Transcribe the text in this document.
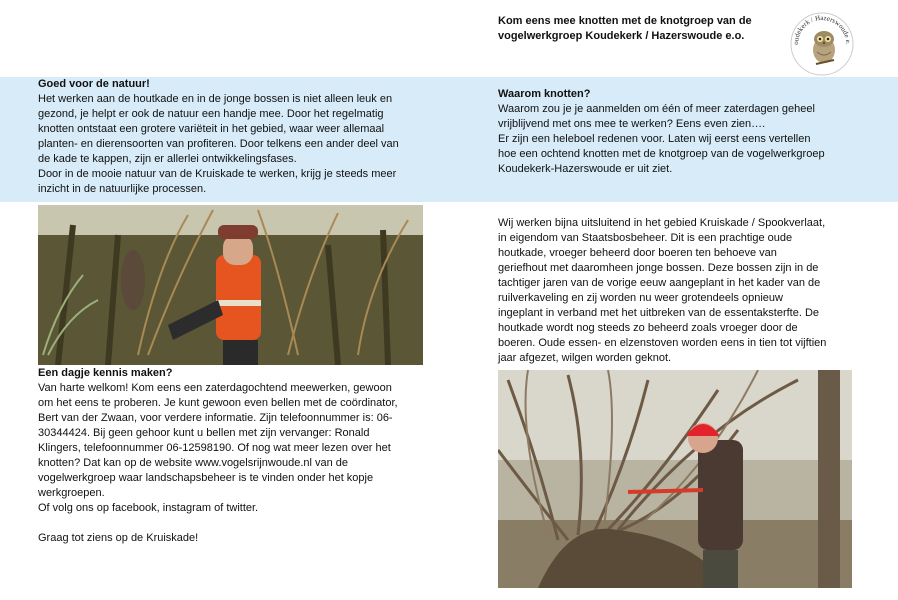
Kom eens mee knotten met de knotgroep van de
vogelwerkgroep Koudekerk / Hazerswoude e.o.
oudekerk / Hazerswoude e.

Goed voor de natuur!

Het werken aan de houtkade en in de jonge bossen is niet alleen leuk en

gezond, je helpt er ook de natuur een handje mee. Door het regelmatig

knotten ontstaat een grotere variëteit in het gebied, waar weer allemaal

planten- en dierensoorten van profiteren. Door telkens een ander deel van

de kade te kappen, zijn er allerlei ontwikkelingsfases.

Door in de mooie natuur van de Kruiskade te werken, krijg je steeds meer

inzicht in de natuurlijke processen.

Waarom knotten?

Waarom zou je je aanmelden om één of meer zaterdagen geheel

vrijblijvend met ons mee te werken? Eens even zien….

Er zijn een heleboel redenen voor. Laten wij eerst eens vertellen

hoe een ochtend knotten met de knotgroep van de vogelwerkgroep

Koudekerk-Hazerswoude er uit ziet.

Een dagje kennis maken?

Van harte welkom! Kom eens een zaterdagochtend meewerken, gewoon

om het eens te proberen. Je kunt gewoon even bellen met de coördinator,

Bert van der Zwaan, voor verdere informatie. Zijn telefoonnummer is: 06-

30344424. Bij geen gehoor kunt u bellen met zijn vervanger: Ronald

Klingers, telefoonnummer 06-12598190. Of nog wat meer lezen over het

knotten? Dat kan op de website www.vogelsrijnwoude.nl van de

vogelwerkgroep waar landschapsbeheer is te vinden onder het kopje

werkgroepen.

Of volg ons op facebook, instagram of twitter.

Graag tot ziens op de Kruiskade!

Wij werken bijna uitsluitend in het gebied Kruiskade / Spookverlaat,

in eigendom van Staatsbosbeheer. Dit is een prachtige oude

houtkade, vroeger beheerd door boeren ten behoeve van

geriefhout met daaromheen jonge bossen. Deze bossen zijn in de

tachtiger jaren van de vorige eeuw aangeplant in het kader van de

ruilverkaveling en zij worden nu weer grotendeels opnieuw

ingeplant in verband met het uitbreken van de essentaksterfte. De

houtkade wordt nog steeds zo beheerd zoals vroeger door de

boeren. Oude essen- en elzenstoven worden eens in tien tot vijftien

jaar afgezet, wilgen worden geknot.
